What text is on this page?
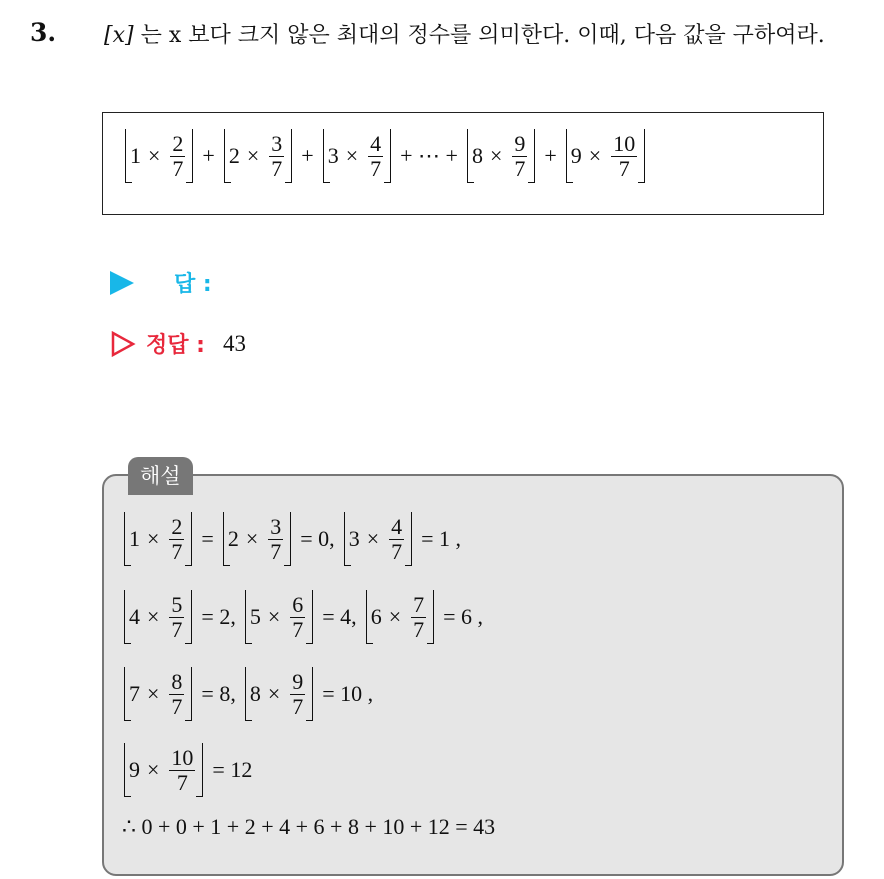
3. [x] 는 x 보다 크지 않은 최대의 정수를 의미한다. 이때, 다음 값을 구하여라.
$1 \times \frac{2}{7} + 2 \times \frac{3}{7} + 3 \times \frac{4}{7}$ + ⋯ + $8 \times \frac{9}{7} + 9 \times \frac{10}{7}$
답 :
정답 : 43
해설
$1 \times \frac{2}{7} = 2 \times \frac{3}{7} = 0$, $3 \times \frac{4}{7} = 1$ ,
$4 \times \frac{5}{7} = 2$, $5 \times \frac{6}{7} = 4$, $6 \times \frac{7}{7} = 6$ ,
$7 \times \frac{8}{7} = 8$, $8 \times \frac{9}{7} = 10$ ,
$9 \times \frac{10}{7} = 12$
∴ 0 + 0 + 1 + 2 + 4 + 6 + 8 + 10 + 12 = 43
